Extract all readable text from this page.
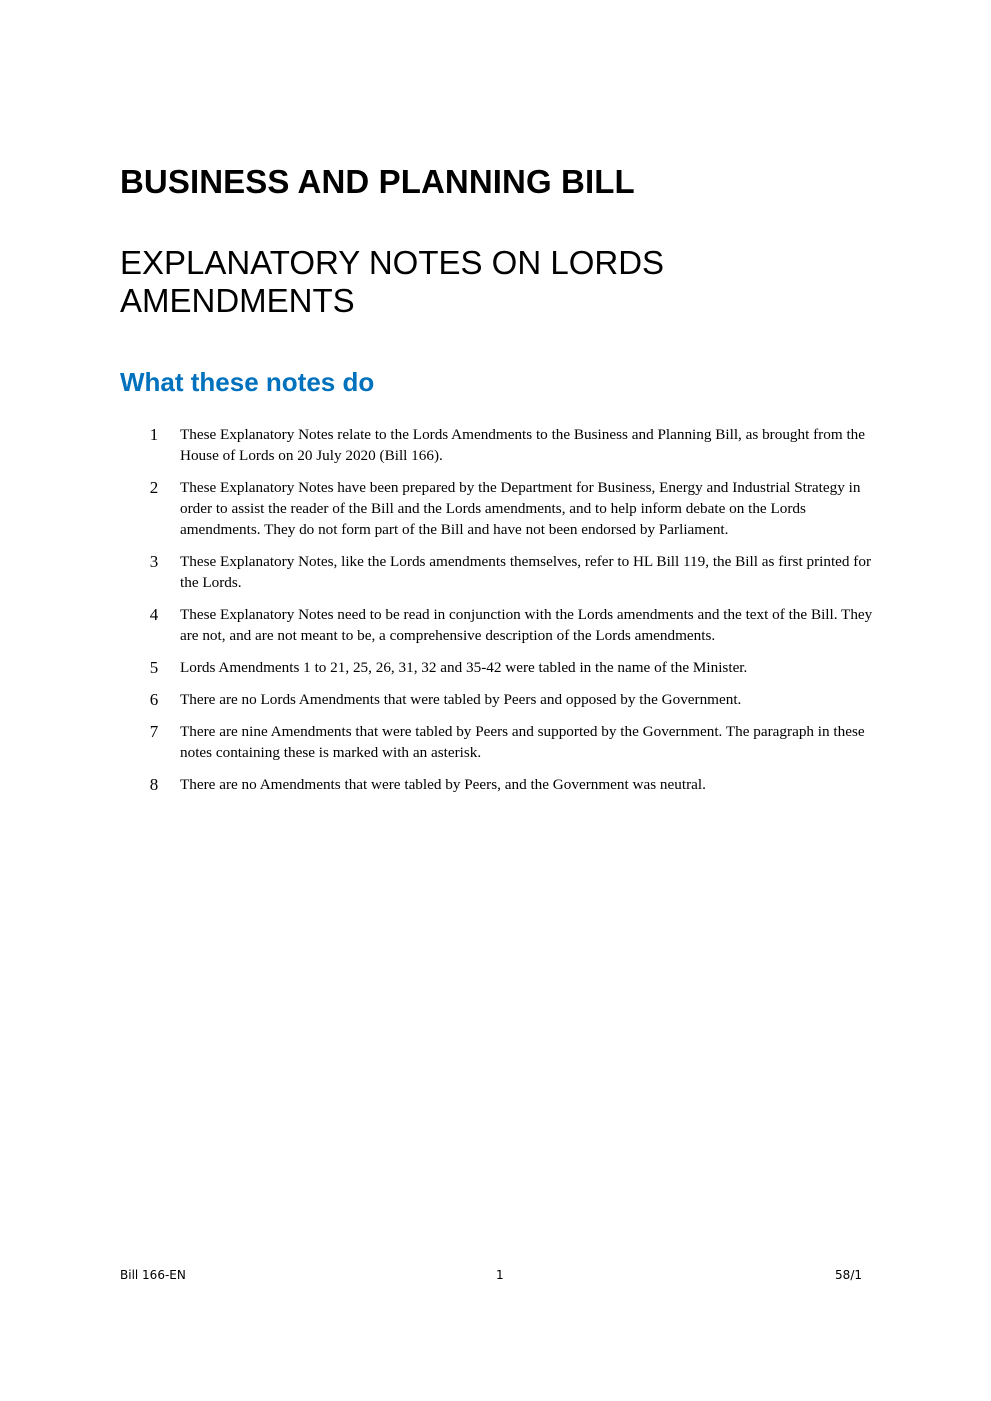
BUSINESS AND PLANNING BILL
EXPLANATORY NOTES ON LORDS AMENDMENTS
What these notes do
1 These Explanatory Notes relate to the Lords Amendments to the Business and Planning Bill, as brought from the House of Lords on 20 July 2020 (Bill 166).
2 These Explanatory Notes have been prepared by the Department for Business, Energy and Industrial Strategy in order to assist the reader of the Bill and the Lords amendments, and to help inform debate on the Lords amendments. They do not form part of the Bill and have not been endorsed by Parliament.
3 These Explanatory Notes, like the Lords amendments themselves, refer to HL Bill 119, the Bill as first printed for the Lords.
4 These Explanatory Notes need to be read in conjunction with the Lords amendments and the text of the Bill. They are not, and are not meant to be, a comprehensive description of the Lords amendments.
5 Lords Amendments 1 to 21, 25, 26, 31, 32 and 35-42 were tabled in the name of the Minister.
6 There are no Lords Amendments that were tabled by Peers and opposed by the Government.
7 There are nine Amendments that were tabled by Peers and supported by the Government. The paragraph in these notes containing these is marked with an asterisk.
8 There are no Amendments that were tabled by Peers, and the Government was neutral.
Bill 166-EN	1	58/1
